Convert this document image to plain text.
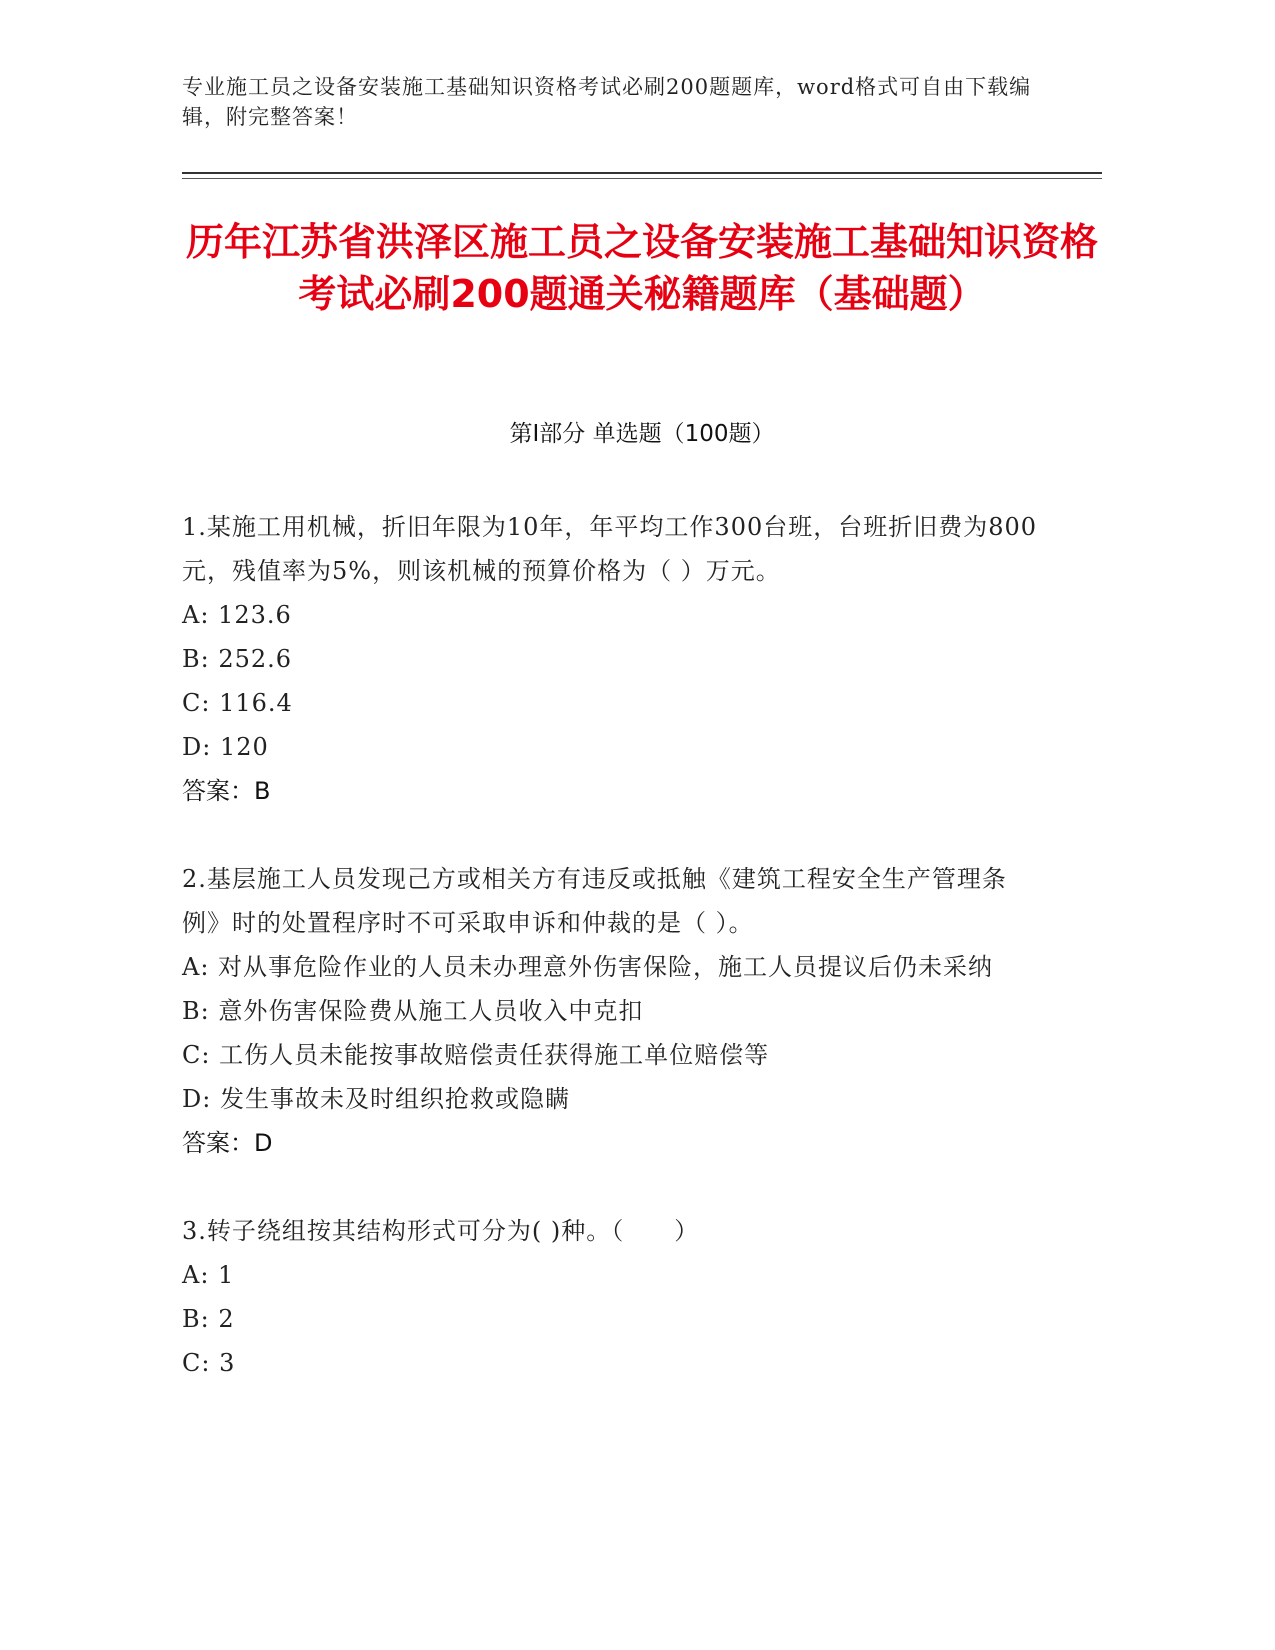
专业施工员之设备安装施工基础知识资格考试必刷200题题库，word格式可自由下载编辑，附完整答案！
历年江苏省洪泽区施工员之设备安装施工基础知识资格考试必刷200题通关秘籍题库（基础题）
第Ⅰ部分 单选题（100题）
1.某施工用机械，折旧年限为10年，年平均工作300台班，台班折旧费为800元，残值率为5%，则该机械的预算价格为（ ）万元。
A: 123.6
B: 252.6
C: 116.4
D: 120
答案：B
2.基层施工人员发现己方或相关方有违反或抵触《建筑工程安全生产管理条例》时的处置程序时不可采取申诉和仲裁的是（ ）。
A: 对从事危险作业的人员未办理意外伤害保险，施工人员提议后仍未采纳
B: 意外伤害保险费从施工人员收入中克扣
C: 工伤人员未能按事故赔偿责任获得施工单位赔偿等
D: 发生事故未及时组织抢救或隐瞒
答案：D
3.转子绕组按其结构形式可分为( )种。（　　）
A: 1
B: 2
C: 3
